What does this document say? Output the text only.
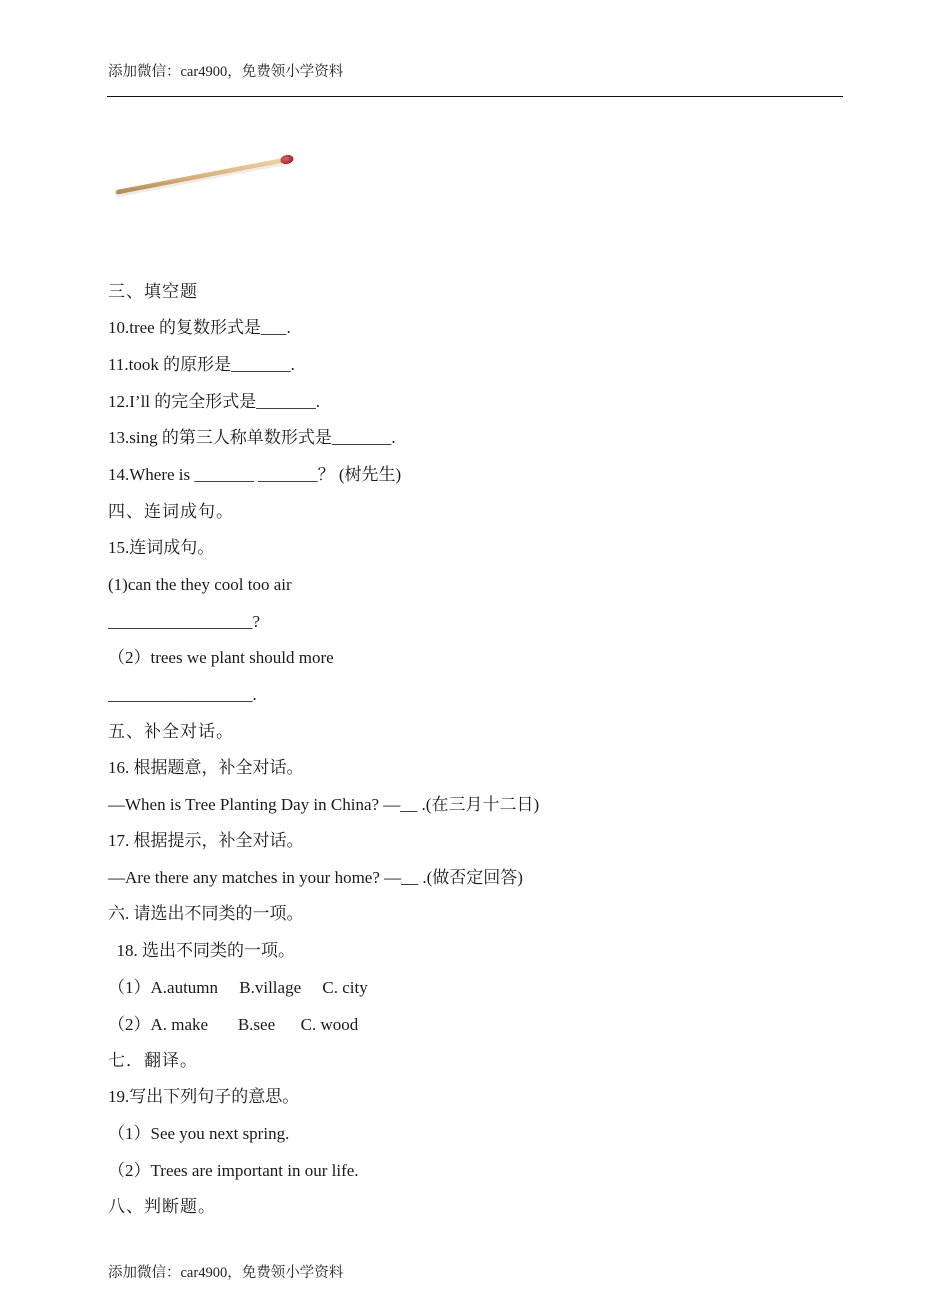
添加微信：car4900，免费领小学资料
三、填空题
10.tree 的复数形式是___.
11.took 的原形是_______.
12.I’ll 的完全形式是_______.
13.sing 的第三人称单数形式是_______.
14.Where is _______ _______？ (树先生)
四、连词成句。
15.连词成句。
(1)can the they cool too air
_________________?
（2）trees we plant should more
_________________.
五、补全对话。
16. 根据题意，补全对话。
—When is Tree Planting Day in China? —__ .(在三月十二日)
17. 根据提示，补全对话。
—Are there any matches in your home? —__ .(做否定回答)
六. 请选出不同类的一项。
18. 选出不同类的一项。
（1）A.autumn     B.village     C. city
（2）A. make       B.see      C. wood
七．翻译。
19.写出下列句子的意思。
（1）See you next spring.
（2）Trees are important in our life.
八、判断题。
添加微信：car4900，免费领小学资料
